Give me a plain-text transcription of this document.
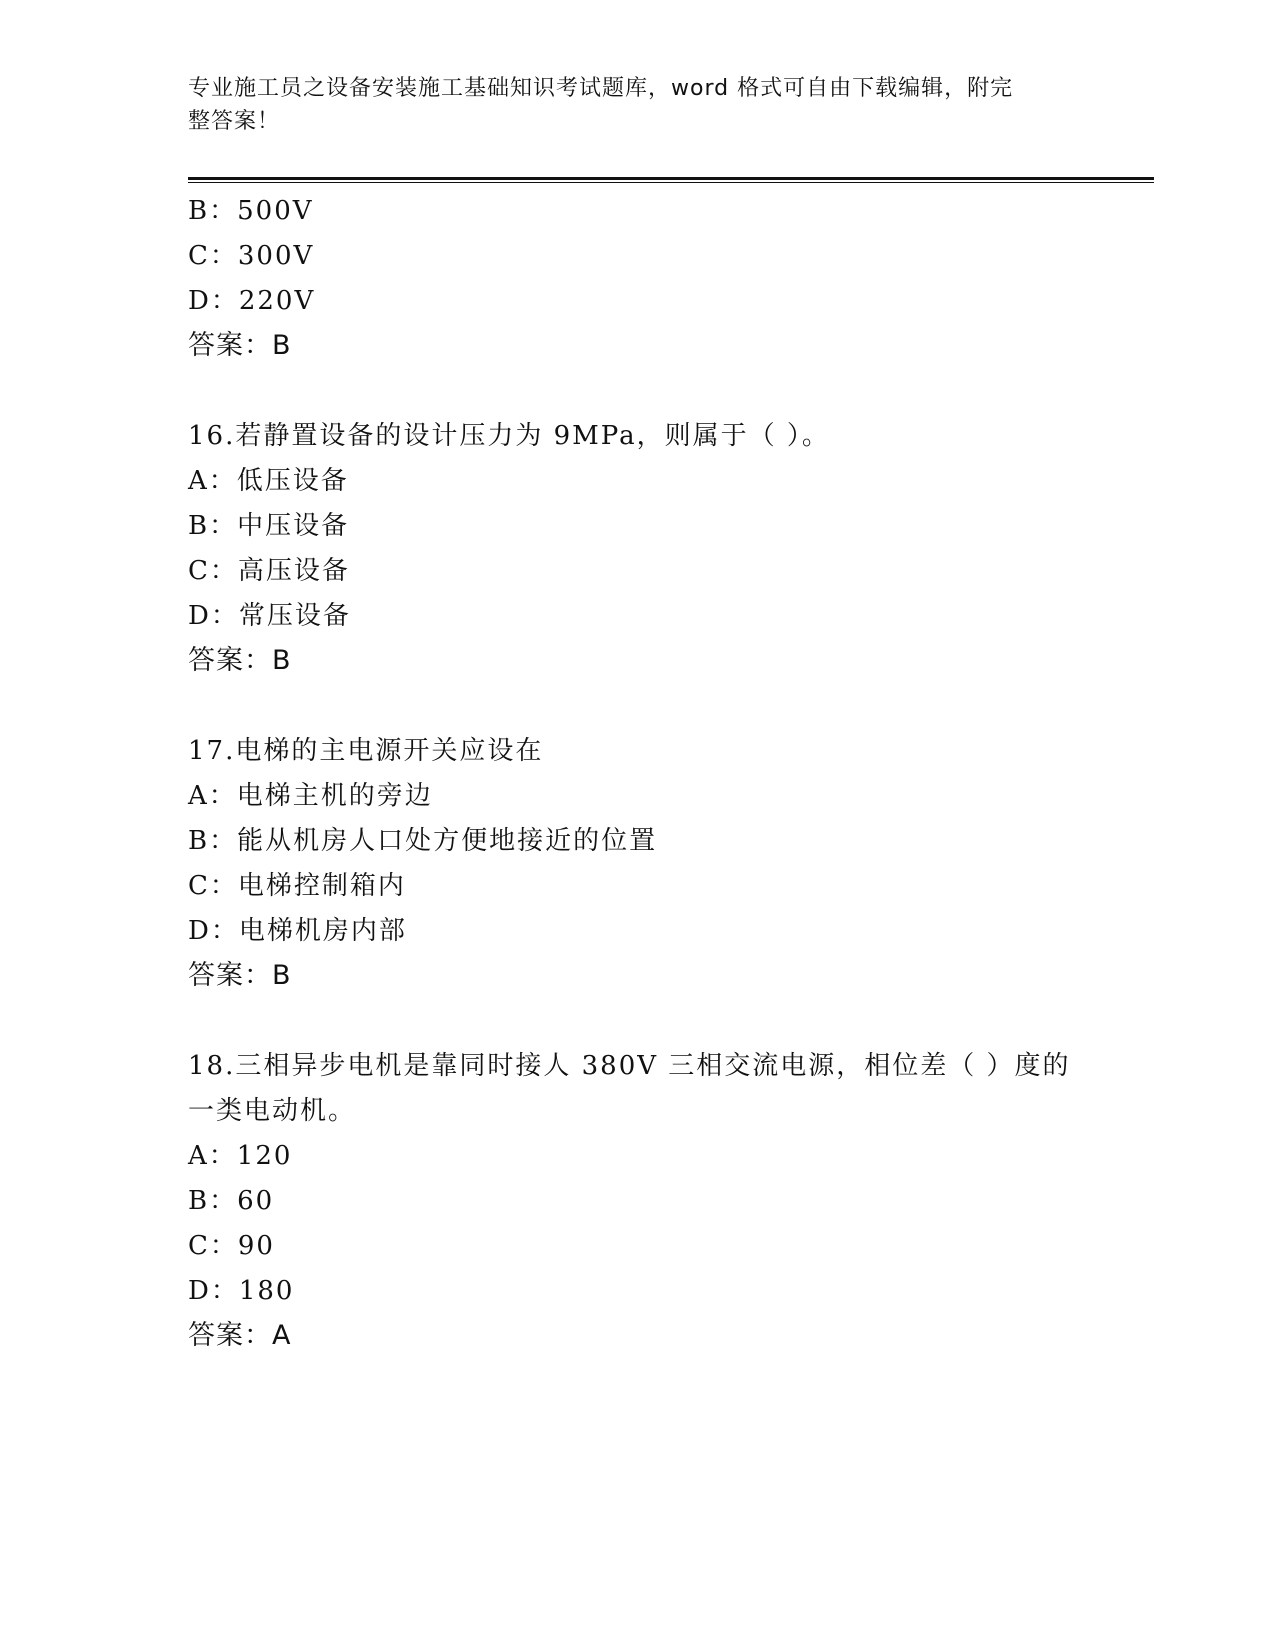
专业施工员之设备安装施工基础知识考试题库，word 格式可自由下载编辑，附完
整答案！
B：500V
C：300V
D：220V
答案：B
16.若静置设备的设计压力为 9MPa，则属于（ ）。
A：低压设备
B：中压设备
C：高压设备
D：常压设备
答案：B
17.电梯的主电源开关应设在
A：电梯主机的旁边
B：能从机房人口处方便地接近的位置
C：电梯控制箱内
D：电梯机房内部
答案：B
18.三相异步电机是靠同时接人 380V 三相交流电源，相位差（ ）度的
一类电动机。
A：120
B：60
C：90
D：180
答案：A
